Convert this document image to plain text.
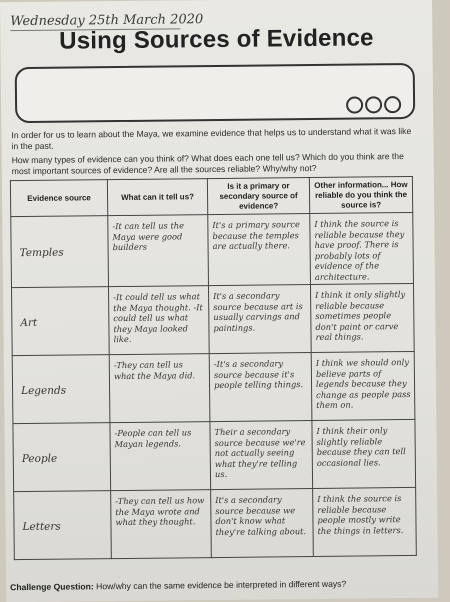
Wednesday 25th March 2020
Using Sources of Evidence

In order for us to learn about the Maya, we examine evidence that helps us to understand what it was like in the past.

How many types of evidence can you think of? What does each one tell us? Which do you think are the most important sources of evidence? Are all the sources reliable? Why/why not?

Evidence source	What can it tell us?	Is it a primary or secondary source of evidence?	Other information... How reliable do you think the source is?
Temples	-It can tell us the Maya were good builders	It's a primary source because the temples are actually there.	I think the source is reliable because they have proof. There is probably lots of evidence of the architecture.
Art	-It could tell us what the Maya thought. -It could tell us what they Maya looked like.	It's a secondary source because art is usually carvings and paintings.	I think it only slightly reliable because sometimes people don't paint or carve real things.
Legends	-They can tell us what the Maya did.	-It's a secondary source because it's people telling things.	I think we should only believe parts of legends because they change as people pass them on.
People	-People can tell us Mayan legends.	Their a secondary source because we're not actually seeing what they're telling us.	I think their only slightly reliable because they can tell occasional lies.
Letters	-They can tell us how the Maya wrote and what they thought.	It's a secondary source because we don't know what they're talking about.	I think the source is reliable because people mostly write the things in letters.
Challenge Question: How/why can the same evidence be interpreted in different ways?
